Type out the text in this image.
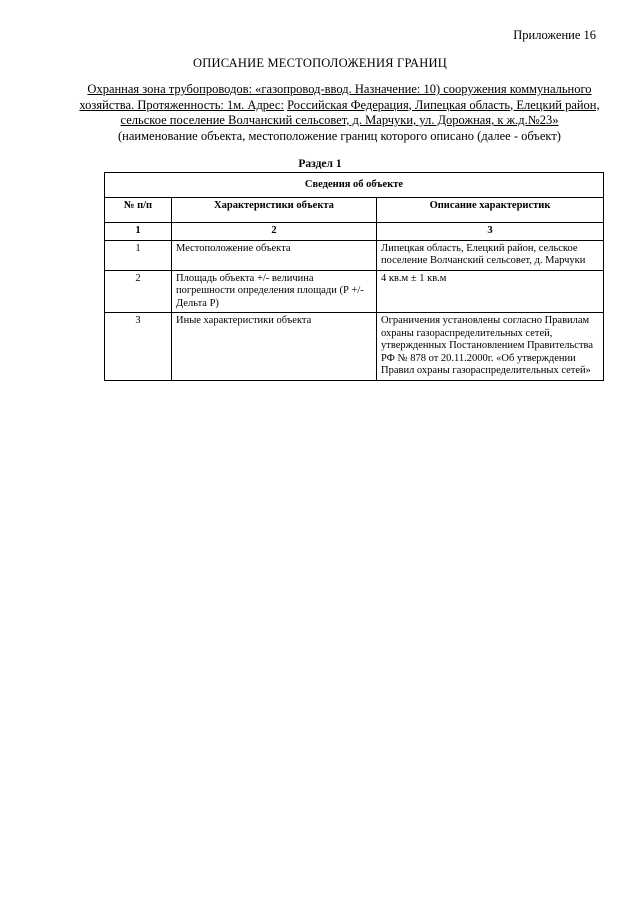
Приложение 16
ОПИСАНИЕ МЕСТОПОЛОЖЕНИЯ ГРАНИЦ
Охранная зона трубопроводов: «газопровод-ввод. Назначение: 10) сооружения коммунального хозяйства. Протяженность: 1м. Адрес: Российская Федерация, Липецкая область, Елецкий район, сельское поселение Волчанский сельсовет, д. Марчуки, ул. Дорожная, к ж.д.№23»
(наименование объекта, местоположение границ которого описано (далее - объект)
Раздел 1
Сведения об объекте		
№ п/п	Характеристики объекта	Описание характеристик
1	2	3
1	Местоположение объекта	Липецкая область, Елецкий район, сельское поселение Волчанский сельсовет, д. Марчуки
2	Площадь объекта +/- величина погрешности определения площади (Р +/- Дельта Р)	4 кв.м ± 1 кв.м
3	Иные характеристики объекта	Ограничения установлены согласно Правилам охраны газораспределительных сетей, утвержденных Постановлением Правительства РФ № 878 от 20.11.2000г. «Об утверждении Правил охраны газораспределительных сетей»
